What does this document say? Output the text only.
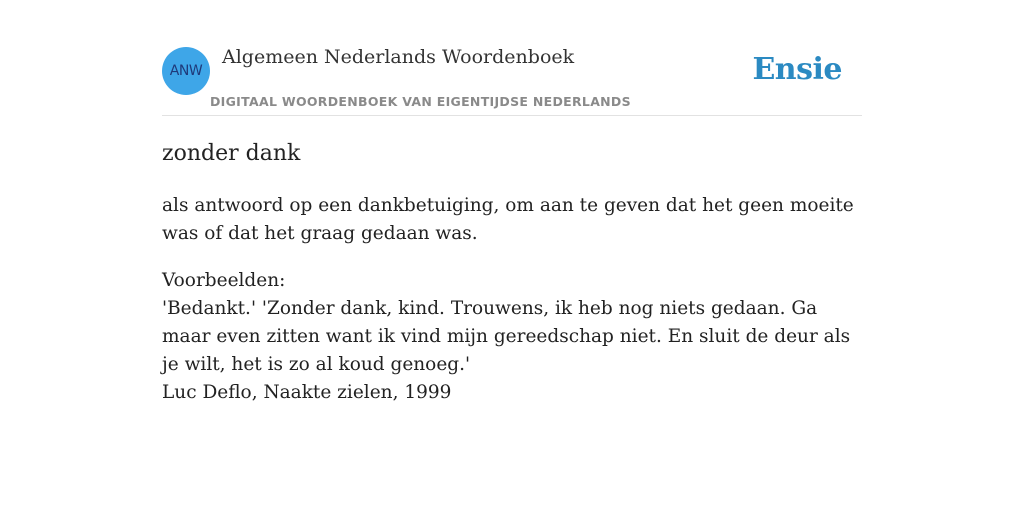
ANW
Algemeen Nederlands Woordenboek
DIGITAAL WOORDENBOEK VAN EIGENTIJDSE NEDERLANDS
Ensie
zonder dank
als antwoord op een dankbetuiging, om aan te geven dat het geen moeite was of dat het graag gedaan was.
Voorbeelden:
'Bedankt.' 'Zonder dank, kind. Trouwens, ik heb nog niets gedaan. Ga maar even zitten want ik vind mijn gereedschap niet. En sluit de deur als je wilt, het is zo al koud genoeg.'
Luc Deflo, Naakte zielen, 1999
